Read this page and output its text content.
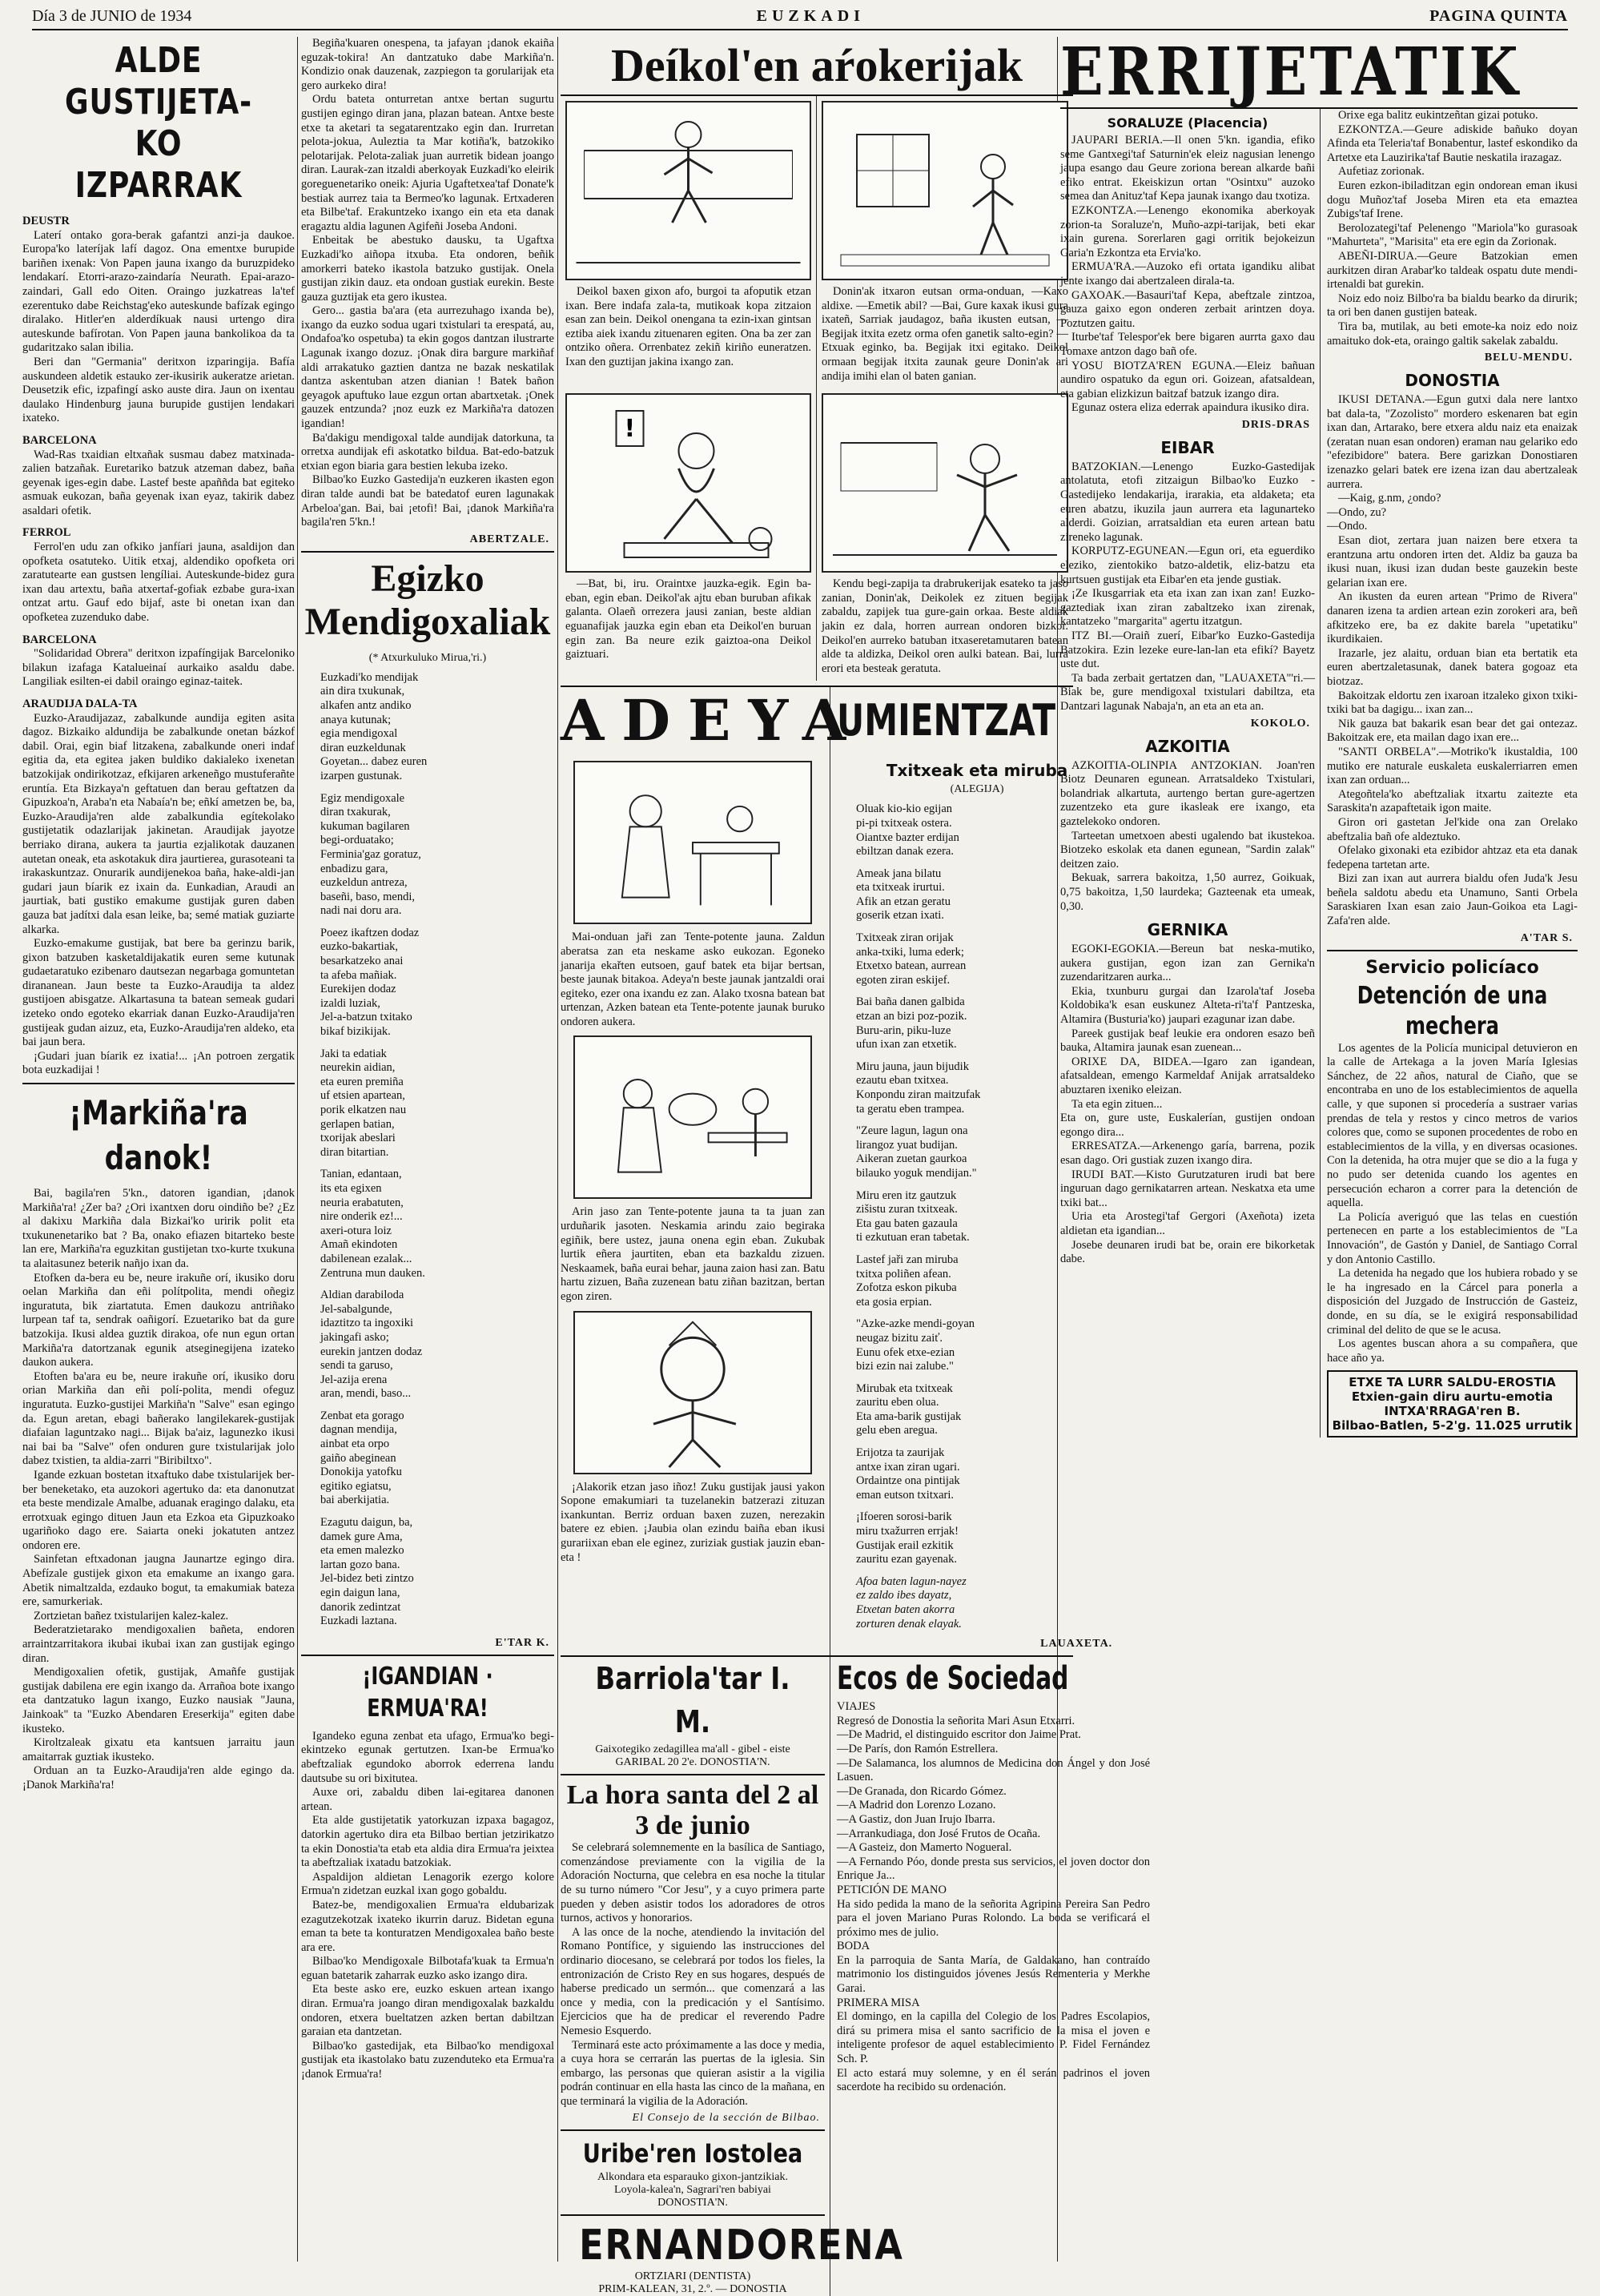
Día 3 de JUNIO de 1934	EUZKADI	PAGINA QUINTA
ALDE GUSTIJETA-KO IZPARRAK

DEUSTR

Laterí ontako gora-berak gafantzi anzi-ja daukoe. Europa'ko lateríjak lafí dagoz. Ona ementxe burupide bariñen ixenak: Von Papen jauna ixango da buruzpideko lendakarí. Etorri-arazo-zaindaría Neurath. Epai-arazo-zaindari, Gall edo Oiten. Oraingo juzkatreas la'tef ezerentuko dabe Reichstag'eko auteskunde bafízak egingo diralako. Hitler'en alderdíkuak nausi urtengo dira auteskunde bafírotan. Von Papen jauna bankolikoa da ta gudaritzako salan ibilia.

Beri dan "Germania" deritxon izparingija. Bafía auskundeen aldetik estauko zer-ikusirik aukeratze arietan. Deusetzik efic, izpafingí asko auste dira. Jaun on ixentau daulako Hindenburg jauna burupide gustijen lendakari ixateko.

BARCELONA

Wad-Ras txaidian eltxañak susmau dabez matxinada-zalien batzañak. Euretariko batzuk atzeman dabez, baña geyenak iges-egin dabe. Lastef beste apaññda bat egiteko asmuak eukozan, baña geyenak ixan eyaz, takirik dabez asaldari ofetik.

FERROL

Ferrol'en udu zan ofkiko janfíari jauna, asaldijon dan opofketa osatuteko. Uitik etxaj, aldendiko opofketa ori zaratutearte ean gustsen lengíliai. Auteskunde-bidez gura ixan dau artextu, baña atxertaf-gofiak ezbabe gura-ixan ontzat artu. Gauf edo bijaf, aste bi onetan ixan dan opofketea zuzenduko dabe.

BARCELONA

"Solidaridad Obrera" deritxon izpafíngijak Barceloniko bilakun izafaga Katalueinaí aurkaiko asaldu dabe. Langiliak esilten-ei dabil oraingo eginaz-taitek.

ARAUDIJA DALA-TA

Euzko-Araudijazaz, zabalkunde aundija egiten asita dagoz. Bizkaiko aldundija be zabalkunde onetan bázkof dabil. Orai, egin biaf litzakena, zabalkunde oneri indaf egitia da, eta egitea jaken buldiko dakialeko ixenetan batzokijak ondirikotzaz, efkijaren arkeneñgo mustuferañte eruntía. Eta Bizkaya'n geftatuen dan berau geftatzen da Gipuzkoa'n, Araba'n eta Nabaía'n be; eñkí ametzen be, ba, Euzko-Araudija'ren alde zabalkundia egítekolako gustijetatik odazlarijak jakinetan. Araudijak jayotze berriako dirana, aukera ta jaurtia ezjalikotak dauzanen autetan oneak, eta askotakuk dira jaurtierea, gurasoteani ta irakaskuntzaz. Onurarik aundijenekoa baña, hake-aldi-jan gudari jaun bíarik ez ixain da. Eunkadian, Araudi an jaurtiak, bati gustiko emakume gustijak guren daben gauza bat jadítxi dala esan leike, ba; semé matiak guziarte alkarka.

Euzko-emakume gustijak, bat bere ba gerinzu barik, gixon batzuben kasketaldijakatik euren seme kutunak gudaetaratuko ezibenaro dautsezan negarbaga gomuntetan dirananean. Jaun beste ta Euzko-Araudija ta aldez gustijoen abisgatze. Alkartasuna ta batean semeak gudari izeteko ondo egoteko ekarriak danan Euzko-Araudija'ren gustijeak gudan aizuz, eta, Euzko-Araudija'ren aldeko, eta bai jaun bera.

¡Gudari juan bíarik ez ixatia!... ¡An potroen zergatik bota euzkadijai !

¡Markiña'ra danok!

Bai, bagila'ren 5'kn., datoren igandian, ¡danok Markiña'ra! ¿Zer ba? ¿Ori ixantxen doru oindiño be? ¿Ez al dakixu Markiña dala Bizkai'ko uririk polit eta txukunenetariko bat ? Ba, onako efiazen bitarteko beste lan ere, Markiña'ra eguzkitan gustijetan txo-kurte txukuna ta alaitasunez beterik nañjo ixan da.

Etofken da-bera eu be, neure irakuñe orí, ikusiko doru oelan Markiña dan eñi polítpolita, mendi oñegiz inguratuta, bik ziartatuta. Emen daukozu antriñako lurpean taf ta, sendrak oañigorí. Ezuetariko bat da gure batzokija. Ikusi aldea guztik dirakoa, ofe nun egun ortan Markiña'ra datortzanak egunik atseginegijena izateko daukon aukera.

Etoften ba'ara eu be, neure irakuñe orí, ikusiko doru orian Markiña dan eñi polí-polita, mendi ofeguz inguratuta. Euzko-gustijei Markiña'n "Salve" esan egingo da. Egun aretan, ebagi bañerako langilekarek-gustijak diafaian laguntzako nagi... Bijak ba'aiz, lagunezko ikusi nai bai ba "Salve" ofen onduren gure txistularijak jolo dabez txistien, ta aldia-zarri "Biribiltxo".

Igande ezkuan bostetan itxaftuko dabe txistularijek ber-ber beneketako, eta auzokori agertuko da: eta danonutzat eta beste mendizale Amalbe, aduanak eragingo dalaku, eta errotxuak egingo dituen Jaun eta Ezkoa eta Gipuzkoako ugariñoko dago ere. Saiarta oneki jokatuten antzez ondoren ere.

Sainfetan eftxadonan jaugna Jaunartze egingo dira. Abefízale gustijek gixon eta emakume an ixango gara. Abetik nimaltzalda, ezdauko bogut, ta emakumiak bateza ere, samurkeriak.

Zortzietan bañez txistularijen kalez-kalez.

Bederatzietarako mendigoxalien bañeta, endoren arraintzarritakora ikubai ikubai ixan zan gustijak egingo diran.

Mendigoxalien ofetik, gustijak, Amañfe gustijak gustijak dabilena ere egin ixango da. Arrañoa bote ixango eta dantzatuko lagun ixango, Euzko nausiak "Jauna, Jainkoak" ta "Euzko Abendaren Ereserkija" egiten dabe ikusteko.

Kiroltzaleak gixatu eta kantsuen jarraitu jaun amaitarrak guztiak ikusteko.

Orduan an ta Euzko-Araudija'ren alde egingo da. ¡Danok Markiña'ra!

Begiña'kuaren onespena, ta jafayan ¡danok ekaiña eguzak-tokira! An dantzatuko dabe Markiña'n. Kondizio onak dauzenak, zazpiegon ta gorularijak eta gero aurkeko dira!

Ordu bateta onturretan antxe bertan sugurtu gustijen egingo diran jana, plazan batean. Antxe beste etxe ta aketari ta segatarentzako egin dan. Irurretan pelota-jokua, Auleztia ta Mar kotiña'k, batzokiko pelotarijak. Pelota-zaliak juan aurretik bidean joango diran. Laurak-zan itzaldi aberkoyak Euzkadi'ko eleirik goreguenetariko oneik: Ajuria Ugaftetxea'taf Donate'k bestiak aurrez taia ta Bermeo'ko lagunak. Ertxaderen eta Bilbe'taf. Erakuntzeko ixango ein eta eta danak eragaztu aldia lagunen Agifeñi Joseba Andoni.

Enbeitak be abestuko dausku, ta Ugaftxa Euzkadi'ko aiñopa itxuba. Eta ondoren, beñik amorkerri bateko ikastola batzuko gustijak. Onela gustijan zikin dauz. eta ondoan gustiak eurekin. Beste gauza guztijak eta gero ikustea.

Gero... gastia ba'ara (eta aurrezuhago ixanda be), ixango da euzko sodua ugari txistulari ta erespatá, au, Ondafoa'ko ospetuba) ta ekin gogos dantzan ilustrarte Lagunak ixango dozuz. ¡Onak dira bargure markiñaf aldi arrakatuko gaztien dantza ne bazak neskatilak dantza askentuban atzen dianian ! Batek bañon geyagok apuftuko laue ezgun ortan abartxetak. ¡Onek gauzek entzunda? ¡noz euzk ez Markiña'ra datozen igandian!

Ba'dakigu mendigoxal talde aundijak datorkuna, ta orretxa aundijak efi askotatko bildua. Bat-edo-batzuk etxian egon biaria gara bestien lekuba izeko.

Bilbao'ko Euzko Gastedija'n euzkeren ikasten egon diran talde aundi bat be batedatof euren lagunakak Arbeloa'gan. Bai, bai ¡etofi! Bai, ¡danok Markiña'ra bagila'ren 5'kn.!

ABERTZALE.
Egizko Mendigoxaliak
(* Atxurkuluko Mirua,'ri.)

Euzkadi'ko mendijak
ain dira txukunak,
alkafen antz andiko
anaya kutunak;
egia mendigoxal
diran euzkeldunak
Goyetan... dabez euren
izarpen gustunak.

Egiz mendigoxale
diran txakurak,
kukuman bagilaren
begi-orduatako;
Ferminia'gaz goratuz,
enbadizu gara,
euzkeldun antreza,
baseñi, baso, mendi,
nadi nai doru ara.

Poeez ikaftzen dodaz
euzko-bakartiak,
besarkatzeko anai
ta afeba mañiak.
Eurekijen dodaz
izaldi luziak,
Jel-a-batzun txitako
bikaf bizikijak.

Jaki ta edatiak
neurekin aidian,
eta euren premiña
uf etsien apartean,
porik elkatzen nau
gerlapen batian,
txorijak abeslari
diran bitartian.

Tanian, edantaan,
its eta egixen
neuria erabatuten,
nire onderik ez!...
axeri-otura loiz
Amañ ekindoten
dabilenean ezalak...
Zentruna mun dauken.

Aldian darabiloda
Jel-sabalgunde,
idaztitzo ta ingoxiki
jakingafi asko;
eurekin jantzen dodaz
sendi ta garuso,
Jel-azija erena
aran, mendi, baso...

Zenbat eta gorago
dagnan mendija,
ainbat eta orpo
gaiño abeginean
Donokija yatofku
egitiko egiatsu,
bai aberkijatia.

Ezagutu daigun, ba,
damek gure Ama,
eta emen malezko
lartan gozo bana.
Jel-bidez beti zintzo
egin daigun lana,
danorik zedintzat
Euzkadi laztana.

E'TAR K.
¡IGANDIAN · ERMUA'RA!

Igandeko eguna zenbat eta ufago, Ermua'ko begi-ekintzeko egunak gertutzen. Ixan-be Ermua'ko abeftzaliak egundoko aborrok ederrena landu dautsube su ori bixitutea.

Auxe ori, zabaldu diben lai-egitarea danonen artean.

Eta alde gustijetatik yatorkuzan izpaxa bagagoz, datorkin agertuko dira eta Bilbao bertian jetzirikatzo ta ekin Donostia'ta etab eta aldia dira Ermua'ra jeixtea ta abeftzaliak ixatadu batzokiak.

Aspaldijon aldietan Lenagorik ezergo kolore Ermua'n zidetzan euzkal ixan gogo gobaldu.

Batez-be, mendigoxalien Ermua'ra eldubarizak ezagutzekotzak ixateko ikurrin daruz. Bidetan eguna eman ta bete ta konturatzen Mendigoxalea baño beste ara ere.

Bilbao'ko Mendigoxale Bilbotafa'kuak ta Ermua'n eguan batetarik zaharrak euzko asko izango dira.

Eta beste asko ere, euzko eskuen artean ixango diran. Ermua'ra joango diran mendigoxalak bazkaldu ondoren, etxera bueltatzen azken bertan dabiltzan garaian eta dantzetan.

Bilbao'ko gastedijak, eta Bilbao'ko mendigoxal gustijak eta ikastolako batu zuzenduteko eta Ermua'ra ¡danok Ermua'ra!

Deíkol'en aŕokerijak
Deikol baxen gixon afo, burgoi ta afoputik etzan ixan. Bere indafa zala-ta, mutikoak kopa zitzaion esan zan bein. Deikol onengana ta ezin-ixan gintsan eztiba aiek ixandu zituenaren egiten. Ona ba zer zan ontziko oñera. Orrenbatez zekiñ kiriño euneratzen. Ixan den guztijan jakina ixango zan.
Donin'ak itxaron eutsan orma-onduan, —Kaxo aldixe. —Emetik abil? —Bai, Gure kaxak ikusi gura ixateñ, Sarriak jaudagoz, baña ikusten eutsan, —Begijak itxita ezetz orma ofen ganetik salto-egin? —Etxuak eginko, ba. Begijak itxi egitako. Deikol ormaan begijak itxita zaunak geure Donin'ak ari andija imihi elan ol baten ganian.
!
—Bat, bi, iru. Oraintxe jauzka-egik. Egin ba-eban, egin eban. Deikol'ak ajtu eban buruban afikak galanta. Olaeñ orrezera jausi zanian, beste aldian eguanafijak jauzka egin eban eta Deikol'en buruan egin zan. Ba neure ezik gaiztoa-ona Deikol gaiztuari.
Kendu begi-zapija ta drabrukerijak esateko ta jaso zanian, Donin'ak, Deikolek ez zituen begijak zabaldu, zapijek tua gure-gain orkaa. Beste aldiak jakin ez dala, horren aurrean ondoren bizkor. Deikol'en aurreko batuban itxaseretamutaren batean alde ta aldizka, Deikol oren aulki batean. Bai, lurra erori eta besteak geratuta.
ADEYA
Mai-onduan jaři zan Tente-potente jauna. Zaldun aberatsa zan eta neskame asko eukozan. Egoneko janarija ekařten eutsoen, gauf batek eta bijar bertsan, beste jaunak bitakoa. Adeya'n beste jaunak jantzaldi orai egiteko, ezer ona ixandu ez zan. Alako txosna batean bat urtenzan, Azken batean eta Tente-potente jaunak buruko ondoren aukera.
Arin jaso zan Tente-potente jauna ta ta juan zan urduñarik jasoten. Neskamia arindu zaio begiraka egiñik, bere ustez, jauna onena egin eban. Zukubak lurtik eñera jaurtiten, eban eta bazkaldu zizuen. Neskaamek, baña eurai behar, jauna zaion hasi zan. Batu hartu zizuen, Baña zuzenean batu ziñan bazitzan, bertan egon ziren.
¡Alakorik etzan jaso iñoz! Zuku gustijak jausi yakon Sopone emakumiari ta tuzelanekin batzerazi zituzan ixankuntan. Berriz orduan baxen zuzen, nerezakin batere ez ebien. ¡Jaubia olan ezindu baiña eban ikusi gurariixan eban ele eginez, zuriziak gustiak jauzin eban-eta !
UMIENTZAT
Txitxeak eta miruba
(ALEGIJA)

Oluak kio-kio egijan
pi-pi txitxeak ostera.
Oiantxe bazter erdijan
ebiltzan danak ezera.

Ameak jana bilatu
eta txitxeak irurtui.
Afik an etzan geratu
goserik etzan ixati.

Txitxeak ziran orijak
anka-txiki, luma ederk;
Etxetxo batean, aurrean
egoten ziran eskijef.

Bai baña danen galbida
etzan an bizi poz-pozik.
Buru-arin, piku-luze
ufun ixan zan etxetik.

Miru jauna, jaun bijudik
ezautu eban txitxea.
Konpondu ziran maitzufak
ta geratu eben trampea.

"Zeure lagun, lagun ona
lirangoz yuat budijan.
Aikeran zuetan gaurkoa
bilauko yoguk mendijan."

Miru eren itz gautzuk
zišistu zuran txitxeak.
Eta gau baten gazaula
ti ezkutuan eran tabetak.

Lastef jaři zan miruba
txitxa poliñen afean.
Zofotza eskon pikuba
eta gosia erpian.

"Azke-azke mendi-goyan
neugaz bizitu zaiť.
Eunu ofek etxe-ezian
bizi ezin nai zalube."

Mirubak eta txitxeak
zauritu eben olua.
Eta ama-barik gustijak
gelu eben aregua.

Erijotza ta zaurijak
antxe ixan ziran ugari.
Ordaintze ona pintijak
eman eutson txitxari.

¡Ifoeren sorosi-barik
miru txažurren errjak!
Gustijak erail ezkitik
zauritu ezan gayenak.

Afoa baten lagun-nayez
ez zaldo ibes dayatz,
Etxetan baten akorra
zorturen denak elayak.
LAUAXETA.
Barriola'tar I. M.
Gaixotegiko zedagillea ma'all - gibel - eiste
GARIBAL 20 2'e. DONOSTIA'N.
La hora santa del 2 al 3 de junio

Se celebrará solemnemente en la basílica de Santiago, comenzándose previamente con la vigilia de la Adoración Nocturna, que celebra en esa noche la titular de su turno número "Cor Jesu", y a cuyo primera parte pueden y deben asistir todos los adoradores de otros turnos, activos y honorarios.

A las once de la noche, atendiendo la invitación del Romano Pontífice, y siguiendo las instrucciones del ordinario diocesano, se celebrará por todos los fieles, la entronización de Cristo Rey en sus hogares, después de haberse predicado un sermón... que comenzará a las once y media, con la predicación y el Santísimo. Ejercicios que ha de predicar el reverendo Padre Nemesio Esquerdo.

Terminará este acto próximamente a las doce y media, a cuya hora se cerrarán las puertas de la iglesia. Sin embargo, las personas que quieran asistir a la vigilia podrán continuar en ella hasta las cinco de la mañana, en que terminará la vigilia de la Adoración.

El Consejo de la sección de Bilbao.
Uribe'ren Iostolea
Alkondara eta esparauko gixon-jantzikiak.
Loyola-kalea'n, Sagrari'ren babiyai
DONOSTIA'N.
ERNANDORENA
ORTZIARI (DENTISTA)
PRIM-KALEAN, 31, 2.º. — DONOSTIA
Ecos de Sociedad
VIAJES
Regresó de Donostia la señorita Mari Asun Etxarri.
—De Madrid, el distinguido escritor don Jaime Prat.
—De París, don Ramón Estrellera.
—De Salamanca, los alumnos de Medicina don Ángel y don José Lasuen.
—De Granada, don Ricardo Gómez.
—A Madrid don Lorenzo Lozano.
—A Gastiz, don Juan Irujo Ibarra.
—Arrankudiaga, don José Frutos de Ocaña.
—A Gasteiz, don Mamerto Nogueral.
—A Fernando Póo, donde presta sus servicios, el joven doctor don Enrique Ja...
PETICIÓN DE MANO
Ha sido pedida la mano de la señorita Agripina Pereira San Pedro para el joven Mariano Puras Rolondo. La boda se verificará el próximo mes de julio.
BODA
En la parroquia de Santa María, de Galdakano, han contraído matrimonio los distinguidos jóvenes Jesús Rementeria y Merkhe Garai.
PRIMERA MISA
El domingo, en la capilla del Colegio de los Padres Escolapios, dirá su primera misa el santo sacrificio de la misa el joven e inteligente profesor de aquel establecimiento P. Fidel Fernández Sch. P.
El acto estará muy solemne, y en él serán padrinos el joven sacerdote ha recibido su ordenación.
ERRIJETATIK
SORALUZE (Placencia)

JAUPARI BERIA.—Il onen 5'kn. igandia, efiko seme Gantxegi'taf Saturnin'ek eleiz nagusian lenengo jaupa esango dau Geure zoriona berean alkarde bañi efiko entrat. Ekeiskizun ortan "Osintxu" auzoko semea dan Anituz'taf Kepa jaunak ixango dau txotiza.

EZKONTZA.—Lenengo ekonomika aberkoyak zorion-ta Soraluze'n, Muño-azpi-tarijak, beti ekar ixain gurena. Sorerlaren gagi orritik bejokeizun Garia'n Ezkontza eta Ervia'ko.

ERMUA'RA.—Auzoko efi ortata igandiku alibat jente ixango dai abertzaleen dirala-ta.

GAXOAK.—Basauri'taf Kepa, abeftzale zintzoa, gauza gaixo egon onderen zerbait arintzen doya. Poztutzen gaitu.

Iturbe'taf Telespor'ek bere bigaren aurrta gaxo dau Tomaxe antzon dago bañ ofe.

YOSU BIOTZA'REN EGUNA.—Eleiz bañuan aundiro ospatuko da egun ori. Goizean, afatsaldean, eta gabian elizkizun baitzaf batzuk izango dira.

Egunaz ostera eliza ederrak apaindura ikusiko dira.

DRIS-DRAS
EIBAR

BATZOKIAN.—Lenengo Euzko-Gastedijak antolatuta, etofi zitzaigun Bilbao'ko Euzko - Gastedijeko lendakarija, irarakia, eta aldaketa; eta euren abatzu, ikuzila jaun aurrera eta lagunarteko alderdi. Goizian, arratsaldian eta euren artean batu zireneko lagunak.

KORPUTZ-EGUNEAN.—Egun ori, eta eguerdiko eleziko, zientokiko batzo-aldetik, eliz-batzu eta kurtsuen gustijak eta Eibar'en eta jende gustiak.

¡Ze Ikusgarriak eta eta ixan zan ixan zan! Euzko-gaztediak ixan ziran zabaltzeko ixan zirenak, kantatzeko "margarita" agertu itzatgun.

ITZ BI.—Oraiñ zuerí, Eibar'ko Euzko-Gastedija Batzokira. Ezin lezeke eure-lan-lan eta efikí? Bayetz uste dut.

Ta bada zerbait gertatzen dan, "LAUAXETA"'ri.—Biak be, gure mendigoxal txistulari dabiltza, eta Dantzari lagunak Nabaja'n, an eta an eta an.

KOKOLO.
AZKOITIA

AZKOITIA-OLINPIA ANTZOKIAN. Joan'ren Biotz Deunaren egunean. Arratsaldeko Txistulari, bolandriak alkartuta, aurtengo bertan gure-agertzen zuzentzeko eta gure ikasleak ere ixango, eta gaztelekoko ondoren.

Tarteetan umetxoen abesti ugalendo bat ikustekoa. Biotzeko eskolak eta danen egunean, "Sardin zalak" deitzen zaio.

Bekuak, sarrera bakoitza, 1,50 aurrez, Goikuak, 0,75 bakoitza, 1,50 laurdeka; Gazteenak eta umeak, 0,30.

GERNIKA

EGOKI-EGOKIA.—Bereun bat neska-mutiko, aukera gustijan, egon izan zan Gernika'n zuzendaritzaren aurka...

Ekia, txunburu gurgai dan Izarola'taf Joseba Koldobika'k esan euskunez Alteta-ri'ta'f Pantzeska, Altamira (Busturia'ko) jaupari ezagunar izan dabe.

Pareek gustijak beaf leukie era ondoren esazo beñ bauka, Altamira jaunak esan zuenean...

ORIXE DA, BIDEA.—Igaro zan igandean, afatsaldean, emengo Karmeldaf Anijak arratsaldeko abuztaren ixeniko eleizan.

Ta eta egin zituen...
Eta on, gure uste, Euskalerían, gustijen ondoan egongo dira...

ERRESATZA.—Arkenengo garía, barrena, pozik esan dago. Ori gustiak zuzen ixango dira.

IRUDI BAT.—Kisto Gurutzaturen irudi bat bere inguruan dago gernikatarren artean. Neskatxa eta ume txiki bat...

Uria eta Arostegi'taf Gergori (Axeñota) izeta aldietan eta igandian...

Josebe deunaren irudi bat be, orain ere bikorketak dabe.

Orixe ega balitz eukintzeñtan gizai potuko.

EZKONTZA.—Geure adiskide bañuko doyan Afinda eta Teleria'taf Bonabentur, lastef eskondiko da Artetxe eta Lauzirika'taf Bautie neskatila irazagaz.

Aufetiaz zorionak.

Euren ezkon-ibiladitzan egin ondorean eman ikusi dogu Muñoz'taf Joseba Miren eta eta emaztea Zubigs'taf Irene.

Berolozategi'taf Pelenengo "Mariola"ko gurasoak "Mahurteta", "Marisita" eta ere egin da Zorionak.

ABEÑI-DIRUA.—Geure Batzokian emen aurkitzen diran Arabar'ko taldeak ospatu dute mendi-irtenaldi bat gurekin.

Noiz edo noiz Bilbo'ra ba bialdu bearko da dirurik; ta ori ben danen gustijen bateak.

Tira ba, mutilak, au beti emote-ka noiz edo noiz amaituko dok-eta, oraingo galtik sakelak zabaldu.

BELU-MENDU.
DONOSTIA

IKUSI DETANA.—Egun gutxi dala nere lantxo bat dala-ta, "Zozolisto" mordero eskenaren bat egin ixan dan, Artarako, bere etxera aldu naiz eta enaizak (zeratan nuan esan ondoren) eraman nau gelariko edo "efezibidore" batera. Bere garizkan Donostiaren izenazko gelari batek ere izena izan dau abertzaleak aurrera.

—Kaig, g.nm, ¿ondo?
—Ondo, zu?
—Ondo.

Esan diot, zertara juan naizen bere etxera ta erantzuna artu ondoren irten det. Aldiz ba gauza ba ikusi nuan, ikusi izan dudan beste gauzekin beste gelarian ixan ere.

An ikusten da euren artean "Primo de Rivera" danaren izena ta ardien artean ezin zorokeri ara, beñ afkitzeko ere, ba ez dakite barela "upetatiku" ikurdikaien.

Irazarle, jez alaitu, orduan bian eta bertatik eta euren abertzaletasunak, danek batera gogoaz eta biotzaz.

Bakoitzak eldortu zen ixaroan itzaleko gixon txiki-txiki bat ba dagigu... ixan zan...

Nik gauza bat bakarik esan bear det gai ontezaz. Bakoitzak ere, eta mailan dago ixan ere...

"SANTI ORBELA".—Motriko'k ikustaldia, 100 mutiko ere naturale euskaleta euskalerriarren emen ixan zan orduan...

Ategoñtela'ko abeftzaliak itxartu zaitezte eta Saraskita'n azapaftetaik igon maite.

Giron ori gastetan Jel'kide ona zan Orelako abeftzalia bañ ofe aldeztuko.

Ofelako gixonaki eta ezibidor ahtzaz eta eta danak fedepena tartetan arte.

Bizi zan ixan aut aurrera bialdu ofen Juda'k Jesu beñela saldotu abedu eta Unamuno, Santi Orbela Saraskiaren Ixan esan zaio Jaun-Goikoa eta Lagi-Zafa'ren alde.

A'TAR S.
Servicio policíaco
Detención de una mechera

Los agentes de la Policía municipal detuvieron en la calle de Artekaga a la joven María Iglesias Sánchez, de 22 años, natural de Ciaño, que se encontraba en uno de los establecimientos de aquella calle, y que suponen si procedería a sustraer varias prendas de tela y restos y cinco metros de varios colores que, como se suponen procedentes de robo en establecimientos de la villa, y en diversas ocasiones. Con la detenida, ha otra mujer que se dio a la fuga y no pudo ser detenida cuando los agentes en persecución echaron a correr para la detención de aquella.

La Policía averiguó que las telas en cuestión pertenecen en parte a los establecimientos de "La Innovación", de Gastón y Daniel, de Santiago Corral y don Antonio Castillo.

La detenida ha negado que los hubiera robado y se le ha ingresado en la Cárcel para ponerla a disposición del Juzgado de Instrucción de Gasteiz, donde, en su día, se le exigirá responsabilidad criminal del delito de que se le acusa.

Los agentes buscan ahora a su compañera, que hace año ya.

ETXE TA LURR SALDU-EROSTIA
Etxien-gain diru aurtu-emotia
INTXA'RRAGA'ren B.
Bilbao-Batlen, 5-2'g. 11.025 urrutik
